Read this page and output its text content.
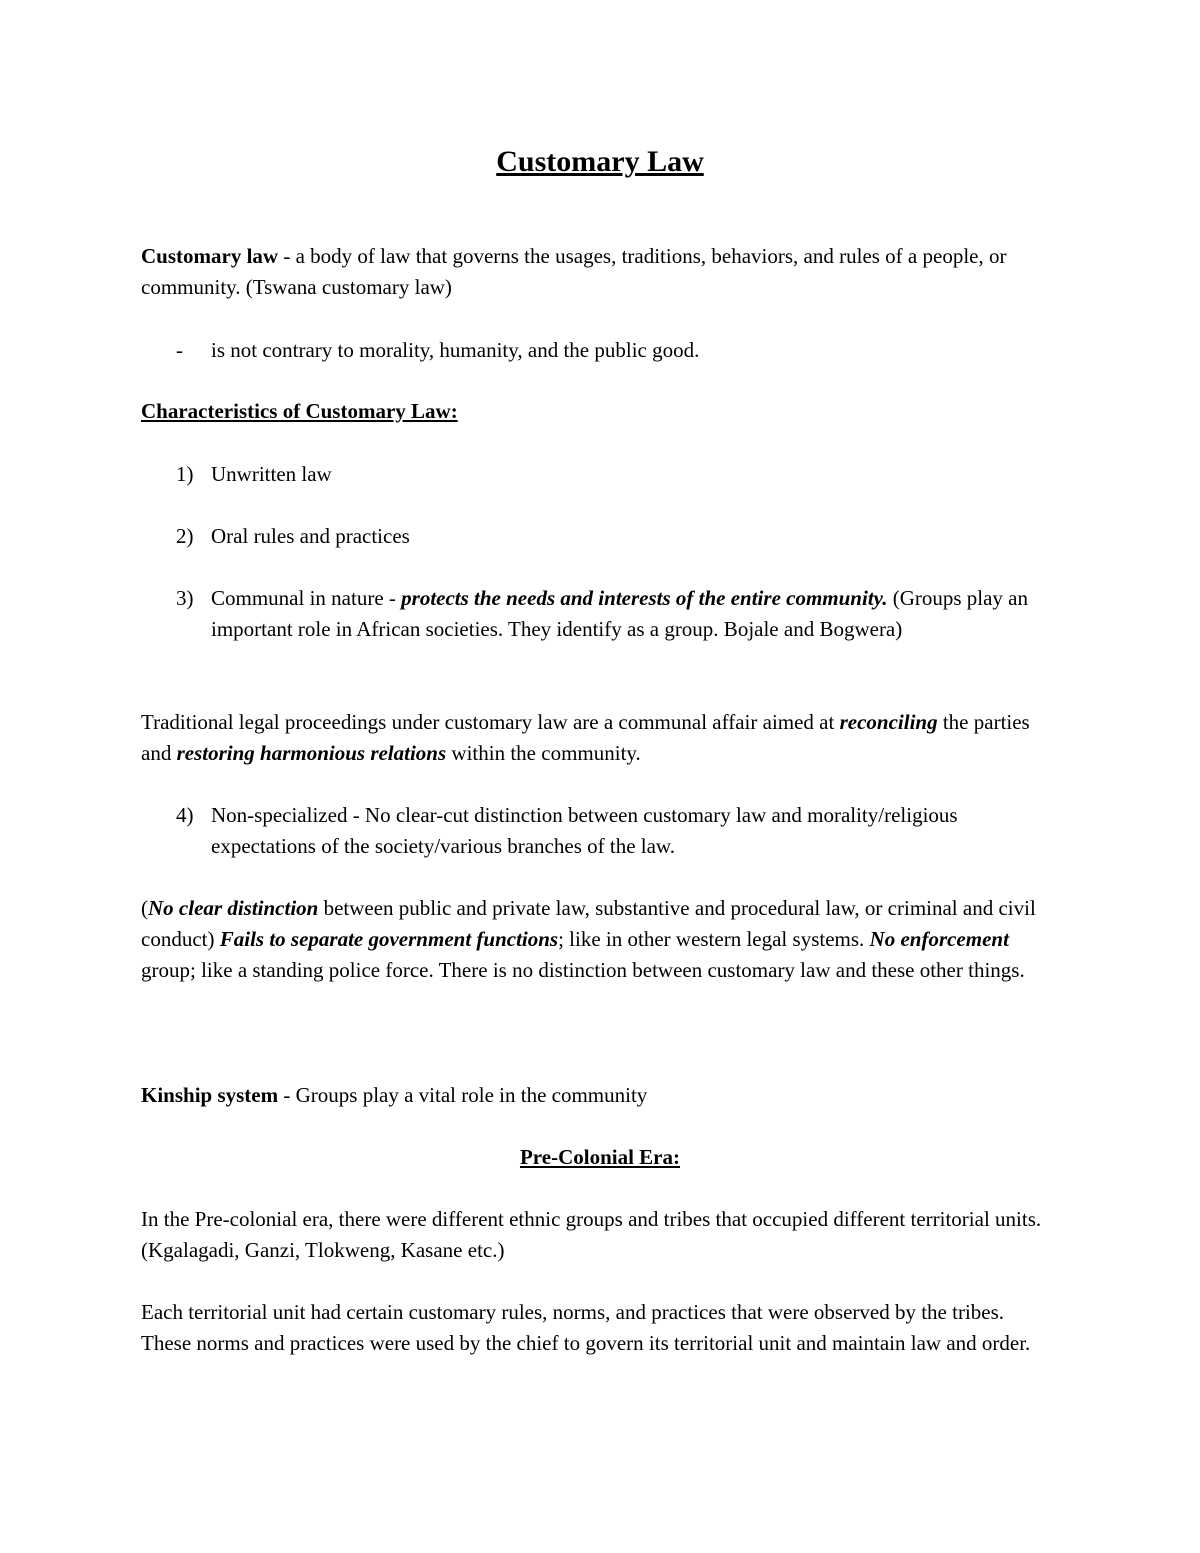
Customary Law

Customary law - a body of law that governs the usages, traditions, behaviors, and rules of a people, or community. (Tswana customary law)

- is not contrary to morality, humanity, and the public good.

Characteristics of Customary Law:

1) Unwritten law
2) Oral rules and practices
3) Communal in nature - protects the needs and interests of the entire community. (Groups play an important role in African societies. They identify as a group. Bojale and Bogwera)

Traditional legal proceedings under customary law are a communal affair aimed at reconciling the parties and restoring harmonious relations within the community.

4) Non-specialized - No clear-cut distinction between customary law and morality/religious expectations of the society/various branches of the law.

(No clear distinction between public and private law, substantive and procedural law, or criminal and civil conduct) Fails to separate government functions; like in other western legal systems. No enforcement group; like a standing police force. There is no distinction between customary law and these other things.

Kinship system - Groups play a vital role in the community

Pre-Colonial Era:

In the Pre-colonial era, there were different ethnic groups and tribes that occupied different territorial units. (Kgalagadi, Ganzi, Tlokweng, Kasane etc.)

Each territorial unit had certain customary rules, norms, and practices that were observed by the tribes. These norms and practices were used by the chief to govern its territorial unit and maintain law and order.
